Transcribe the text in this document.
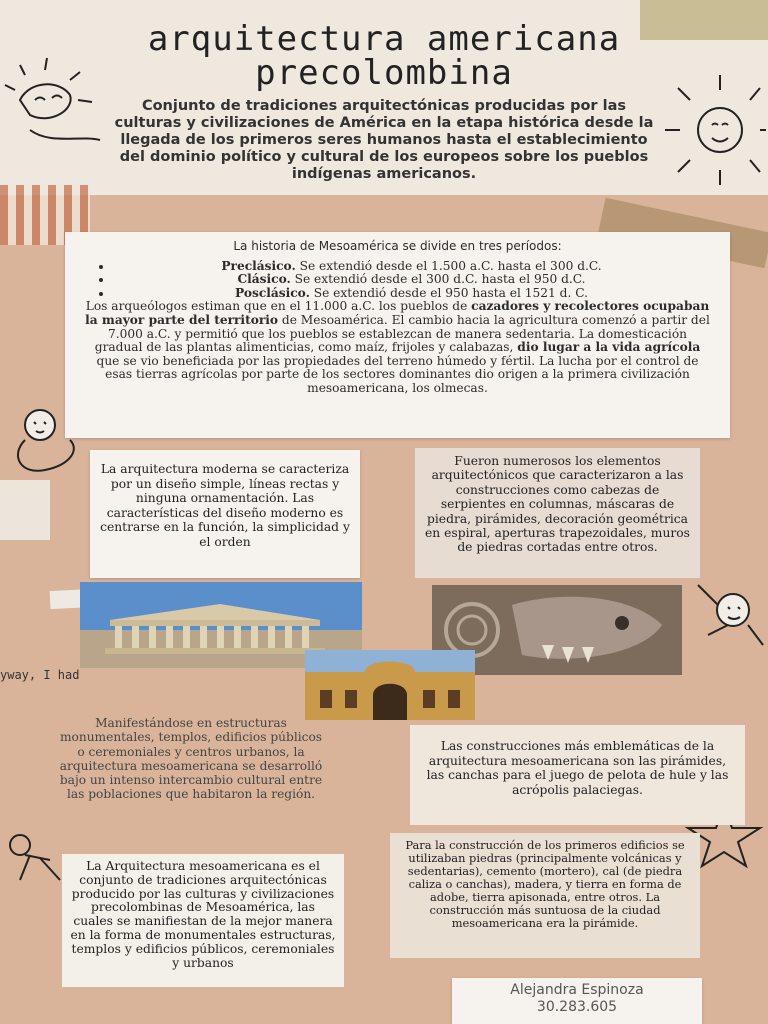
yway, I had
arquitectura americana
precolombina
Conjunto de tradiciones arquitectónicas producidas por las culturas y civilizaciones de América en la etapa histórica desde la llegada de los primeros seres humanos hasta el establecimiento del dominio político y cultural de los europeos sobre los pueblos indígenas americanos.
La historia de Mesoamérica se divide en tres períodos:
• Preclásico. Se extendió desde el 1.500 a.C. hasta el 300 d.C.
• Clásico. Se extendió desde el 300 d.C. hasta el 950 d.C.
• Posclásico. Se extendió desde el 950 hasta el 1521 d. C.
Los arqueólogos estiman que en el 11.000 a.C. los pueblos de cazadores y recolectores ocupaban la mayor parte del territorio de Mesoamérica. El cambio hacia la agricultura comenzó a partir del 7.000 a.C. y permitió que los pueblos se establezcan de manera sedentaria. La domesticación gradual de las plantas alimenticias, como maíz, frijoles y calabazas, dio lugar a la vida agrícola que se vio beneficiada por las propiedades del terreno húmedo y fértil. La lucha por el control de esas tierras agrícolas por parte de los sectores dominantes dio origen a la primera civilización mesoamericana, los olmecas.
La arquitectura moderna se caracteriza por un diseño simple, líneas rectas y ninguna ornamentación. Las características del diseño moderno es centrarse en la función, la simplicidad y el orden
Fueron numerosos los elementos arquitectónicos que caracterizaron a las construcciones como cabezas de serpientes en columnas, máscaras de piedra, pirámides, decoración geométrica en espiral, aperturas trapezoidales, muros de piedras cortadas entre otros.
Manifestándose en estructuras monumentales, templos, edificios públicos o ceremoniales y centros urbanos, la arquitectura mesoamericana se desarrolló bajo un intenso intercambio cultural entre las poblaciones que habitaron la región.
Las construcciones más emblemáticas de la arquitectura mesoamericana son las pirámides, las canchas para el juego de pelota de hule y las acrópolis palaciegas.
Para la construcción de los primeros edificios se utilizaban piedras (principalmente volcánicas y sedentarias), cemento (mortero), cal (de piedra caliza o canchas), madera, y tierra en forma de adobe, tierra apisonada, entre otros. La construcción más suntuosa de la ciudad mesoamericana era la pirámide.
La Arquitectura mesoamericana es el conjunto de tradiciones arquitectónicas producido por las culturas y civilizaciones precolombinas de Mesoamérica, las cuales se manifiestan de la mejor manera en la forma de monumentales estructuras, templos y edificios públicos, ceremoniales y urbanos
Alejandra Espinoza
30.283.605
